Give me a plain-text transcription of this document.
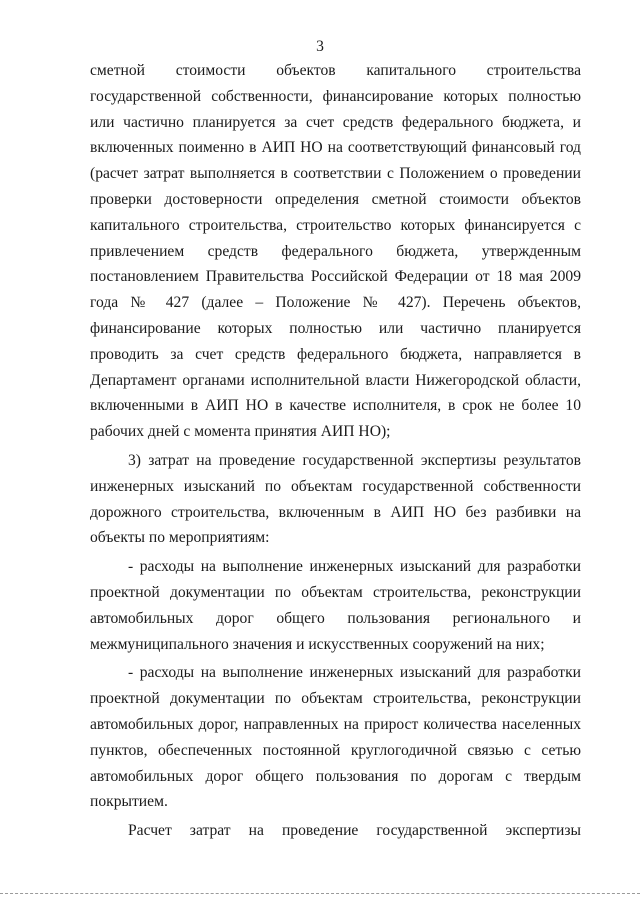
3

сметной стоимости объектов капитального строительства государственной собственности, финансирование которых полностью или частично планируется за счет средств федерального бюджета, и включенных поименно в АИП НО на соответствующий финансовый год (расчет затрат выполняется в соответствии с Положением о проведении проверки достоверности определения сметной стоимости объектов капитального строительства, строительство которых финансируется с привлечением средств федерального бюджета, утвержденным постановлением Правительства Российской Федерации от 18 мая 2009 года № 427 (далее – Положение № 427). Перечень объектов, финансирование которых полностью или частично планируется проводить за счет средств федерального бюджета, направляется в Департамент органами исполнительной власти Нижегородской области, включенными в АИП НО в качестве исполнителя, в срок не более 10 рабочих дней с момента принятия АИП НО);

3) затрат на проведение государственной экспертизы результатов инженерных изысканий по объектам государственной собственности дорожного строительства, включенным в АИП НО без разбивки на объекты по мероприятиям:

- расходы на выполнение инженерных изысканий для разработки проектной документации по объектам строительства, реконструкции автомобильных дорог общего пользования регионального и межмуниципального значения и искусственных сооружений на них;

- расходы на выполнение инженерных изысканий для разработки проектной документации по объектам строительства, реконструкции автомобильных дорог, направленных на прирост количества населенных пунктов, обеспеченных постоянной круглогодичной связью с сетью автомобильных дорог общего пользования по дорогам с твердым покрытием.

Расчет затрат на проведение государственной экспертизы
